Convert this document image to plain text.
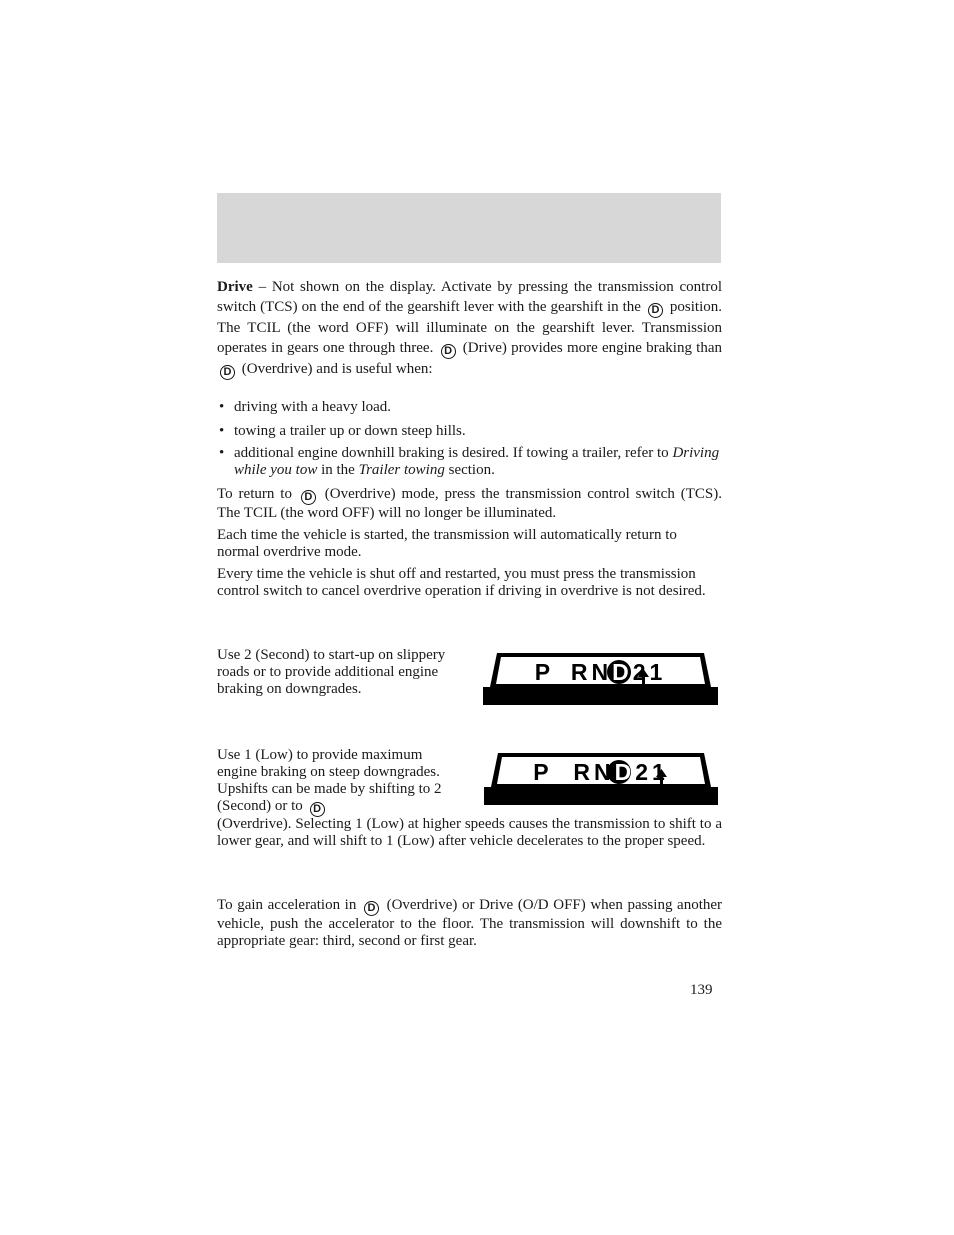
Drive – Not shown on the display. Activate by pressing the transmission control switch (TCS) on the end of the gearshift lever with the gearshift in the D position. The TCIL (the word OFF) will illuminate on the gearshift lever. Transmission operates in gears one through three. D (Drive) provides more engine braking than D (Overdrive) and is useful when:

• driving with a heavy load.
• towing a trailer up or down steep hills.
• additional engine downhill braking is desired. If towing a trailer, refer to Driving while you tow in the Trailer towing section.

To return to D (Overdrive) mode, press the transmission control switch (TCS). The TCIL (the word OFF) will no longer be illuminated.

Each time the vehicle is started, the transmission will automatically return to normal overdrive mode.

Every time the vehicle is shut off and restarted, you must press the transmission control switch to cancel overdrive operation if driving in overdrive is not desired.

Use 2 (Second) to start-up on slippery roads or to provide additional engine braking on downgrades.

P RND21

Use 1 (Low) to provide maximum engine braking on steep downgrades. Upshifts can be made by shifting to 2 (Second) or to D

(Overdrive). Selecting 1 (Low) at higher speeds causes the transmission to shift to a lower gear, and will shift to 1 (Low) after vehicle decelerates to the proper speed.

P RND21

To gain acceleration in D (Overdrive) or Drive (O/D OFF) when passing another vehicle, push the accelerator to the floor. The transmission will downshift to the appropriate gear: third, second or first gear.

139
